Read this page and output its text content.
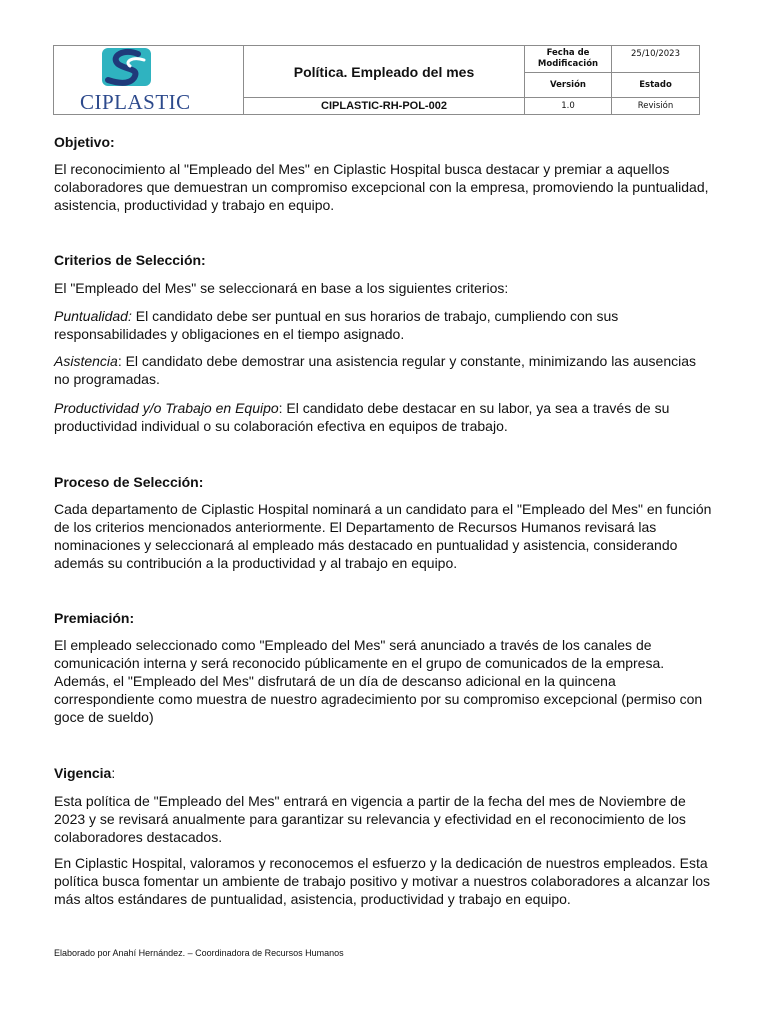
CIPLASTIC
Política. Empleado del mes
CIPLASTIC-RH-POL-002
Fecha de Modificación
25/10/2023
Versión	Estado
1.0	Revisión

Objetivo:

El reconocimiento al "Empleado del Mes" en Ciplastic Hospital busca destacar y premiar a aquellos colaboradores que demuestran un compromiso excepcional con la empresa, promoviendo la puntualidad, asistencia, productividad y trabajo en equipo.

Criterios de Selección:

El "Empleado del Mes" se seleccionará en base a los siguientes criterios:

Puntualidad: El candidato debe ser puntual en sus horarios de trabajo, cumpliendo con sus responsabilidades y obligaciones en el tiempo asignado.

Asistencia: El candidato debe demostrar una asistencia regular y constante, minimizando las ausencias no programadas.

Productividad y/o Trabajo en Equipo: El candidato debe destacar en su labor, ya sea a través de su productividad individual o su colaboración efectiva en equipos de trabajo.

Proceso de Selección:

Cada departamento de Ciplastic Hospital nominará a un candidato para el "Empleado del Mes" en función de los criterios mencionados anteriormente. El Departamento de Recursos Humanos revisará las nominaciones y seleccionará al empleado más destacado en puntualidad y asistencia, considerando además su contribución a la productividad y al trabajo en equipo.

Premiación:

El empleado seleccionado como "Empleado del Mes" será anunciado a través de los canales de comunicación interna y será reconocido públicamente en el grupo de comunicados de la empresa. Además, el "Empleado del Mes" disfrutará de un día de descanso adicional en la quincena correspondiente como muestra de nuestro agradecimiento por su compromiso excepcional (permiso con goce de sueldo)

Vigencia:

Esta política de "Empleado del Mes" entrará en vigencia a partir de la fecha del mes de Noviembre de 2023 y se revisará anualmente para garantizar su relevancia y efectividad en el reconocimiento de los colaboradores destacados.

En Ciplastic Hospital, valoramos y reconocemos el esfuerzo y la dedicación de nuestros empleados. Esta política busca fomentar un ambiente de trabajo positivo y motivar a nuestros colaboradores a alcanzar los más altos estándares de puntualidad, asistencia, productividad y trabajo en equipo.

Elaborado por Anahí Hernández. – Coordinadora de Recursos Humanos
